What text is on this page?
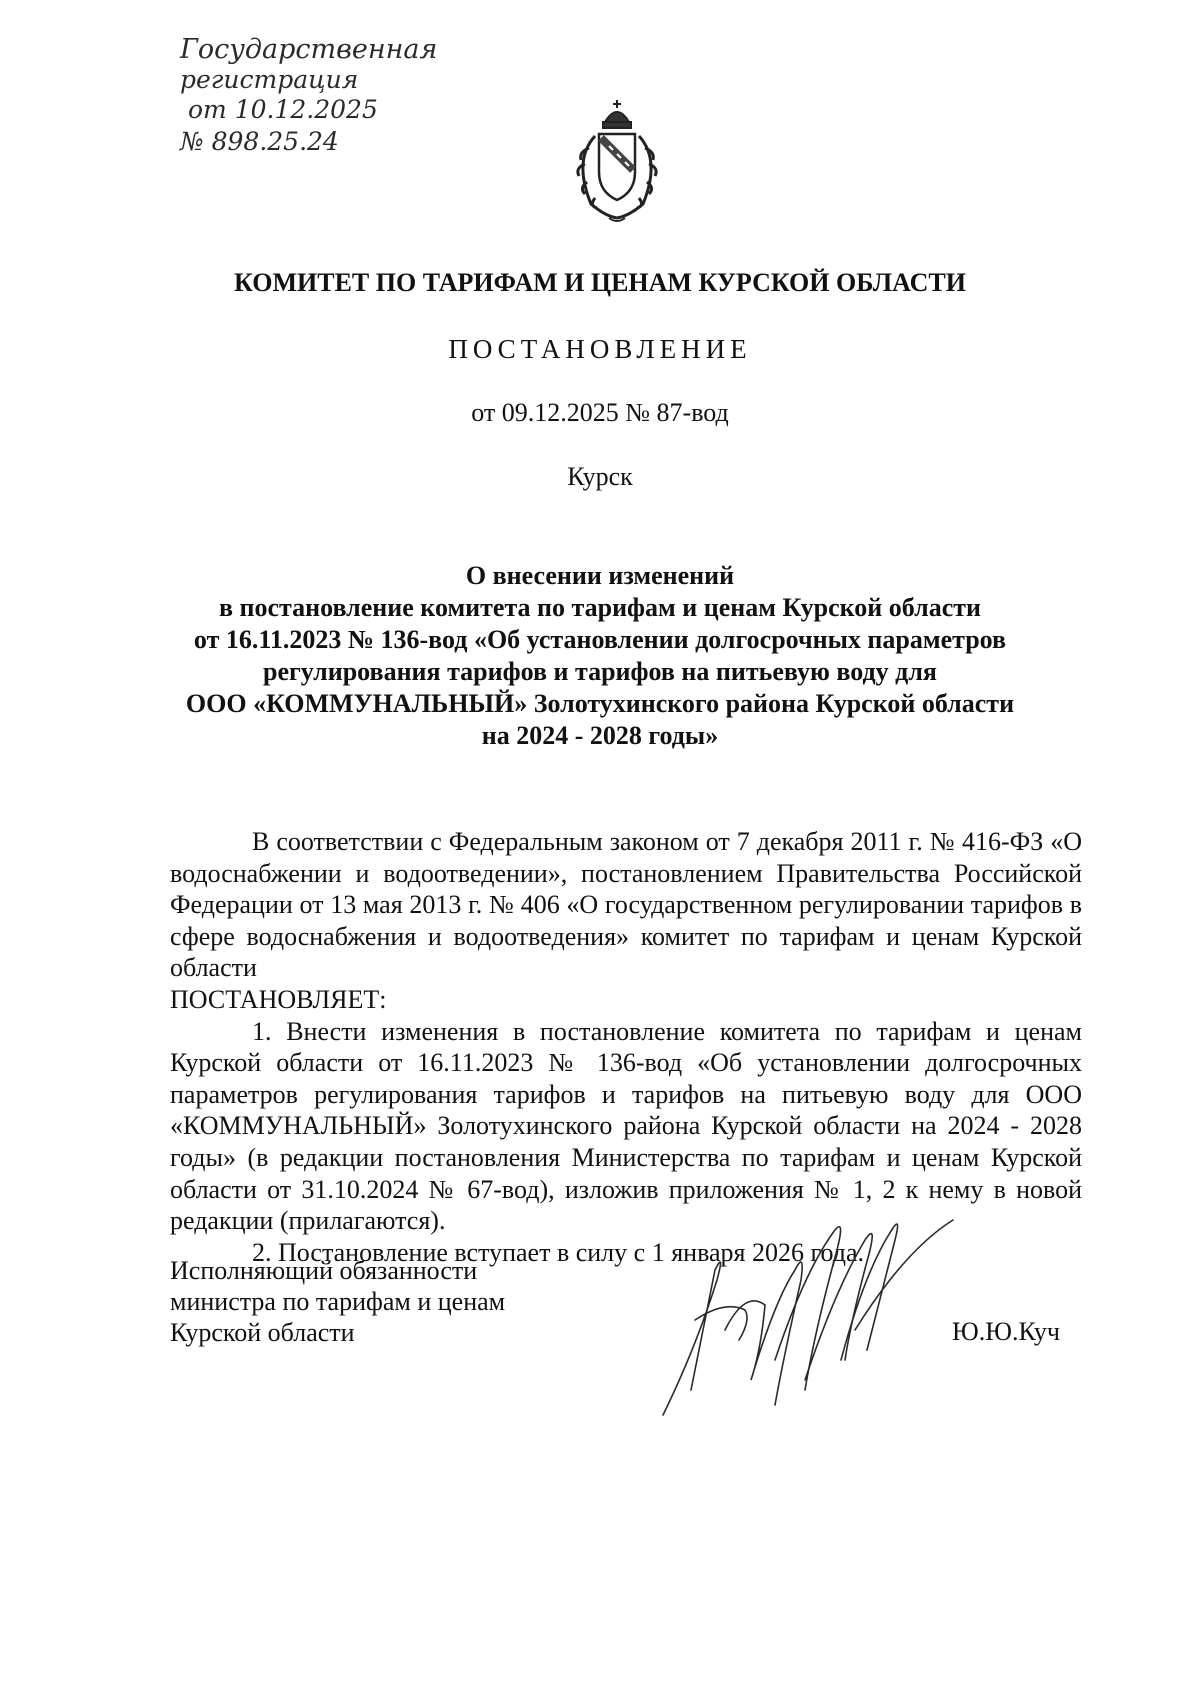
Государственная
регистрация
от 10.12.2025
№ 898.25.24
КОМИТЕТ ПО ТАРИФАМ И ЦЕНАМ КУРСКОЙ ОБЛАСТИ
ПОСТАНОВЛЕНИЕ
от 09.12.2025 № 87-вод
Курск
О внесении изменений
в постановление комитета по тарифам и ценам Курской области
от 16.11.2023 № 136-вод «Об установлении долгосрочных параметров
регулирования тарифов и тарифов на питьевую воду для
ООО «КОММУНАЛЬНЫЙ» Золотухинского района Курской области
на 2024 - 2028 годы»

В соответствии с Федеральным законом от 7 декабря 2011 г. № 416-ФЗ «О водоснабжении и водоотведении», постановлением Правительства Российской Федерации от 13 мая 2013 г. № 406 «О государственном регулировании тарифов в сфере водоснабжения и водоотведения» комитет по тарифам и ценам Курской области

ПОСТАНОВЛЯЕТ:

1. Внести изменения в постановление комитета по тарифам и ценам Курской области от 16.11.2023 № 136-вод «Об установлении долгосрочных параметров регулирования тарифов и тарифов на питьевую воду для ООО «КОММУНАЛЬНЫЙ» Золотухинского района Курской области на 2024 - 2028 годы» (в редакции постановления Министерства по тарифам и ценам Курской области от 31.10.2024 № 67-вод), изложив приложения № 1, 2 к нему в новой редакции (прилагаются).

2. Постановление вступает в силу с 1 января 2026 года.

Исполняющий обязанности
министра по тарифам и ценам
Курской области	Ю.Ю.Куч
